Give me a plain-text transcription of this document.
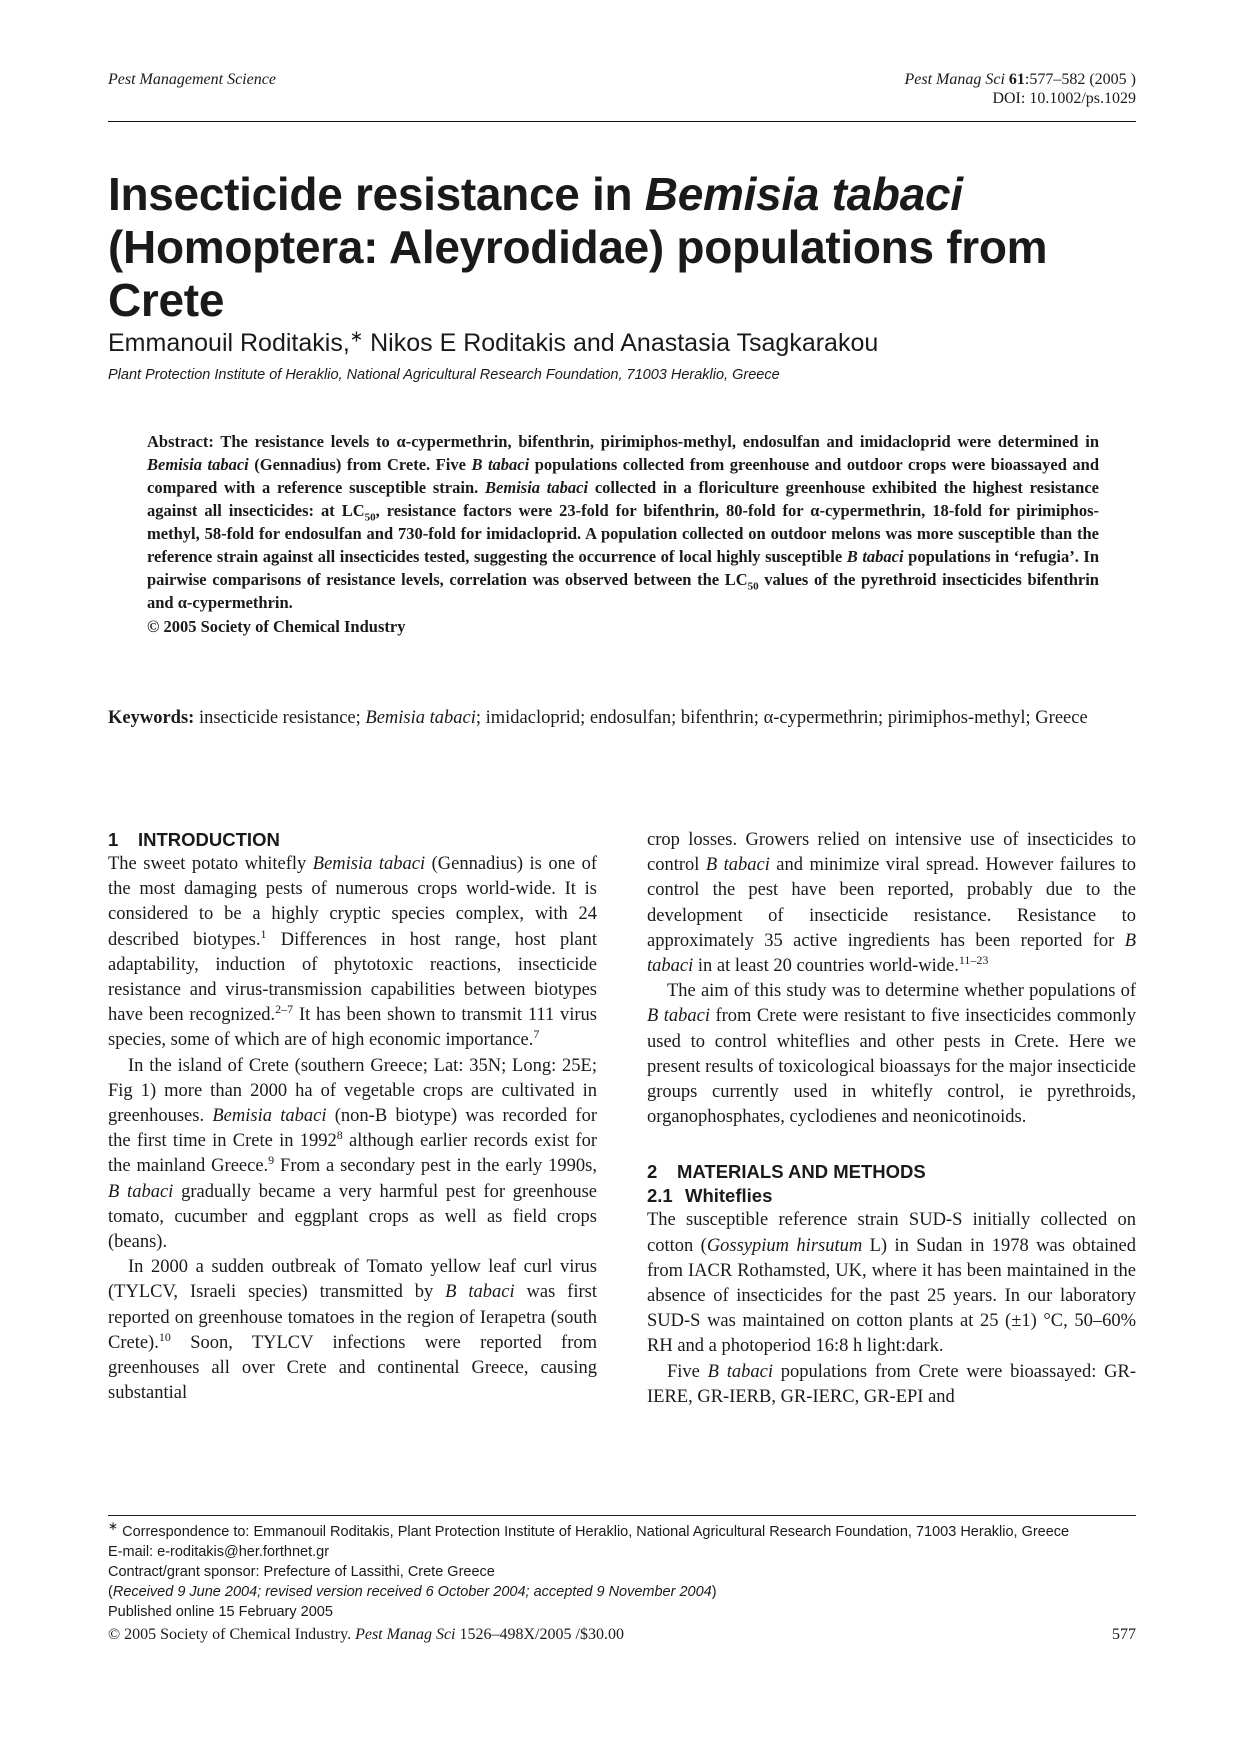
Pest Management Science	Pest Manag Sci 61:577–582 (2005 )
DOI: 10.1002/ps.1029
Insecticide resistance in Bemisia tabaci
(Homoptera: Aleyrodidae) populations from Crete
Emmanouil Roditakis,∗ Nikos E Roditakis and Anastasia Tsagkarakou
Plant Protection Institute of Heraklio, National Agricultural Research Foundation, 71003 Heraklio, Greece

Abstract: The resistance levels to α-cypermethrin, bifenthrin, pirimiphos-methyl, endosulfan and imidacloprid were determined in Bemisia tabaci (Gennadius) from Crete. Five B tabaci populations collected from greenhouse and outdoor crops were bioassayed and compared with a reference susceptible strain. Bemisia tabaci collected in a floriculture greenhouse exhibited the highest resistance against all insecticides: at $LC_{50}$, resistance factors were 23-fold for bifenthrin, 80-fold for α-cypermethrin, 18-fold for pirimiphos-methyl, 58-fold for endosulfan and 730-fold for imidacloprid. A population collected on outdoor melons was more susceptible than the reference strain against all insecticides tested, suggesting the occurrence of local highly susceptible B tabaci populations in ‘refugia’. In pairwise comparisons of resistance levels, correlation was observed between the $LC_{50}$ values of the pyrethroid insecticides bifenthrin and α-cypermethrin.

© 2005 Society of Chemical Industry

Keywords: insecticide resistance; Bemisia tabaci; imidacloprid; endosulfan; bifenthrin; α-cypermethrin; pirimiphos-methyl; Greece
1 INTRODUCTION

The sweet potato whitefly Bemisia tabaci (Gennadius) is one of the most damaging pests of numerous crops world-wide. It is considered to be a highly cryptic species complex, with 24 described biotypes.$^1$ Differences in host range, host plant adaptability, induction of phytotoxic reactions, insecticide resistance and virus-transmission capabilities between biotypes have been recognized.$^{2-7}$ It has been shown to transmit 111 virus species, some of which are of high economic importance.$^7$

In the island of Crete (southern Greece; Lat: 35N; Long: 25E; Fig 1) more than 2000 ha of vegetable crops are cultivated in greenhouses. Bemisia tabaci (non-B biotype) was recorded for the first time in Crete in 1992$^8$ although earlier records exist for the mainland Greece.$^9$ From a secondary pest in the early 1990s, B tabaci gradually became a very harmful pest for greenhouse tomato, cucumber and eggplant crops as well as field crops (beans).

In 2000 a sudden outbreak of Tomato yellow leaf curl virus (TYLCV, Israeli species) transmitted by B tabaci was first reported on greenhouse tomatoes in the region of Ierapetra (south Crete).$^{10}$ Soon, TYLCV infections were reported from greenhouses all over Crete and continental Greece, causing substantial

crop losses. Growers relied on intensive use of insecticides to control B tabaci and minimize viral spread. However failures to control the pest have been reported, probably due to the development of insecticide resistance. Resistance to approximately 35 active ingredients has been reported for B tabaci in at least 20 countries world-wide.$^{11-23}$

The aim of this study was to determine whether populations of B tabaci from Crete were resistant to five insecticides commonly used to control whiteflies and other pests in Crete. Here we present results of toxicological bioassays for the major insecticide groups currently used in whitefly control, ie pyrethroids, organophosphates, cyclodienes and neonicotinoids.

2 MATERIALS AND METHODS
2.1 Whiteflies

The susceptible reference strain SUD-S initially collected on cotton (Gossypium hirsutum L) in Sudan in 1978 was obtained from IACR Rothamsted, UK, where it has been maintained in the absence of insecticides for the past 25 years. In our laboratory SUD-S was maintained on cotton plants at 25 (±1) °C, 50–60% RH and a photoperiod 16:8 h light:dark.

Five B tabaci populations from Crete were bioassayed: GR-IERE, GR-IERB, GR-IERC, GR-EPI and

∗ Correspondence to: Emmanouil Roditakis, Plant Protection Institute of Heraklio, National Agricultural Research Foundation, 71003 Heraklio, Greece
E-mail: e-roditakis@her.forthnet.gr
Contract/grant sponsor: Prefecture of Lassithi, Crete Greece
(Received 9 June 2004; revised version received 6 October 2004; accepted 9 November 2004)
Published online 15 February 2005
© 2005 Society of Chemical Industry. Pest Manag Sci 1526–498X/2005 /$30.00	577
